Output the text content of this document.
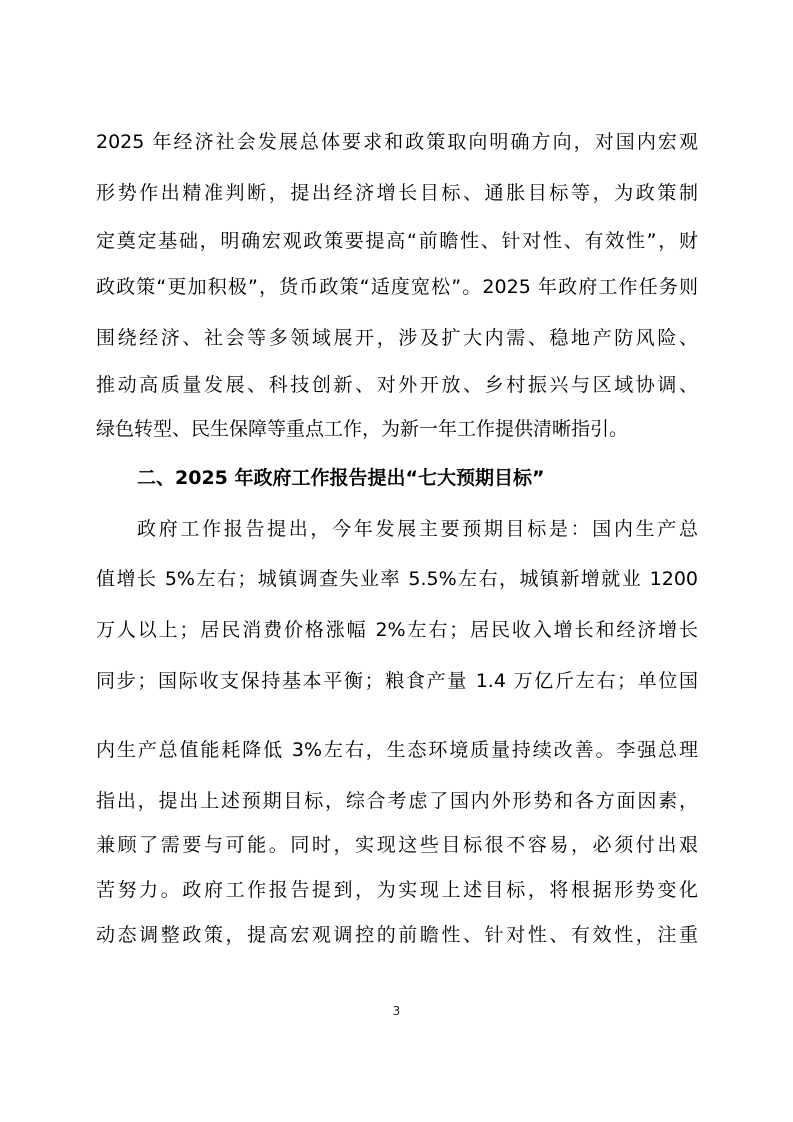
2025 年经济社会发展总体要求和政策取向明确方向，对国内宏观
形势作出精准判断，提出经济增长目标、通胀目标等，为政策制
定奠定基础，明确宏观政策要提高“前瞻性、针对性、有效性”，财
政政策“更加积极”，货币政策“适度宽松”。2025 年政府工作任务则
围绕经济、社会等多领域展开，涉及扩大内需、稳地产防风险、
推动高质量发展、科技创新、对外开放、乡村振兴与区域协调、
绿色转型、民生保障等重点工作，为新一年工作提供清晰指引。
二、2025 年政府工作报告提出“七大预期目标”
政府工作报告提出，今年发展主要预期目标是：国内生产总
值增长 5%左右；城镇调查失业率 5.5%左右，城镇新增就业 1200
万人以上；居民消费价格涨幅 2%左右；居民收入增长和经济增长
同步；国际收支保持基本平衡；粮食产量 1.4 万亿斤左右；单位国
内生产总值能耗降低 3%左右，生态环境质量持续改善。李强总理
指出，提出上述预期目标，综合考虑了国内外形势和各方面因素，
兼顾了需要与可能。同时，实现这些目标很不容易，必须付出艰
苦努力。政府工作报告提到，为实现上述目标，将根据形势变化
动态调整政策，提高宏观调控的前瞻性、针对性、有效性，注重
3
